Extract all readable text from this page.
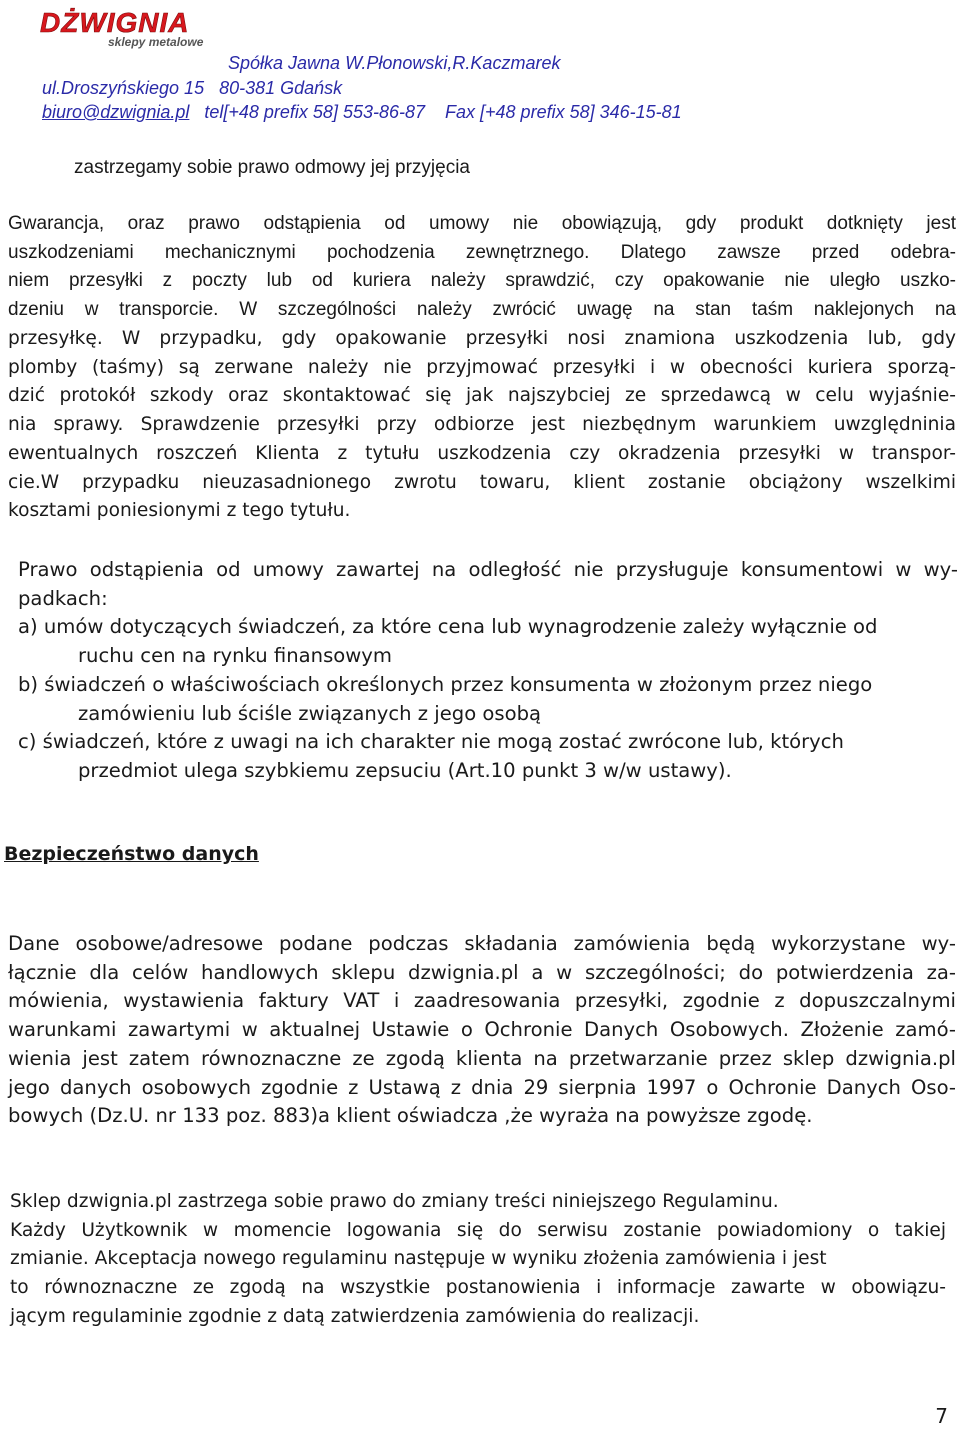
DŻWIGNIA
sklepy metalowe
Spółka Jawna W.Płonowski,R.Kaczmarek
ul.Droszyńskiego 15   80-381 Gdańsk
biuro@dzwignia.pl   tel[+48 prefix 58] 553-86-87    Fax [+48 prefix 58] 346-15-81
zastrzegamy sobie prawo odmowy jej przyjęcia
Gwarancja, oraz prawo odstąpienia od umowy nie obowiązują, gdy produkt dotknięty jest
uszkodzeniami mechanicznymi pochodzenia zewnętrznego. Dlatego zawsze przed odebra-
niem przesyłki z poczty lub od kuriera należy sprawdzić, czy opakowanie nie uległo uszko-
dzeniu w transporcie. W szczególności należy zwrócić uwagę na stan taśm naklejonych na
przesyłkę. W przypadku, gdy opakowanie przesyłki nosi znamiona uszkodzenia lub, gdy
plomby (taśmy) są zerwane należy nie przyjmować przesyłki i w obecności kuriera sporzą-
dzić protokół szkody oraz skontaktować się jak najszybciej ze sprzedawcą w celu wyjaśnie-
nia sprawy. Sprawdzenie przesyłki przy odbiorze jest niezbędnym warunkiem uwzględninia
ewentualnych roszczeń Klienta z tytułu uszkodzenia czy okradzenia przesyłki w transpor-
cie.W przypadku nieuzasadnionego zwrotu towaru, klient zostanie obciążony wszelkimi
kosztami poniesionymi z tego tytułu.
Prawo odstąpienia od umowy zawartej na odległość nie przysługuje konsumentowi w wy-
padkach:
a) umów dotyczących świadczeń, za które cena lub wynagrodzenie zależy wyłącznie od
ruchu cen na rynku finansowym
b) świadczeń o właściwościach określonych przez konsumenta w złożonym przez niego
zamówieniu lub ściśle związanych z jego osobą
c) świadczeń, które z uwagi na ich charakter nie mogą zostać zwrócone lub, których
przedmiot ulega szybkiemu zepsuciu (Art.10 punkt 3 w/w ustawy).
Bezpieczeństwo danych
Dane osobowe/adresowe podane podczas składania zamówienia będą wykorzystane wy-
łącznie dla celów handlowych sklepu dzwignia.pl a w szczególności; do potwierdzenia za-
mówienia, wystawienia faktury VAT i zaadresowania przesyłki, zgodnie z dopuszczalnymi
warunkami zawartymi w aktualnej Ustawie o Ochronie Danych Osobowych. Złożenie zamó-
wienia jest zatem równoznaczne ze zgodą klienta na przetwarzanie przez sklep dzwignia.pl
jego danych osobowych zgodnie z Ustawą z dnia 29 sierpnia 1997 o Ochronie Danych Oso-
bowych (Dz.U. nr 133 poz. 883)a klient oświadcza ,że wyraża na powyższe zgodę.
Sklep dzwignia.pl zastrzega sobie prawo do zmiany treści niniejszego Regulaminu.
Każdy Użytkownik w momencie logowania się do serwisu zostanie powiadomiony o takiej
zmianie. Akceptacja nowego regulaminu następuje w wyniku złożenia zamówienia i jest
to równoznaczne ze zgodą na wszystkie postanowienia i informacje zawarte w obowiązu-
jącym regulaminie zgodnie z datą zatwierdzenia zamówienia do realizacji.
7
